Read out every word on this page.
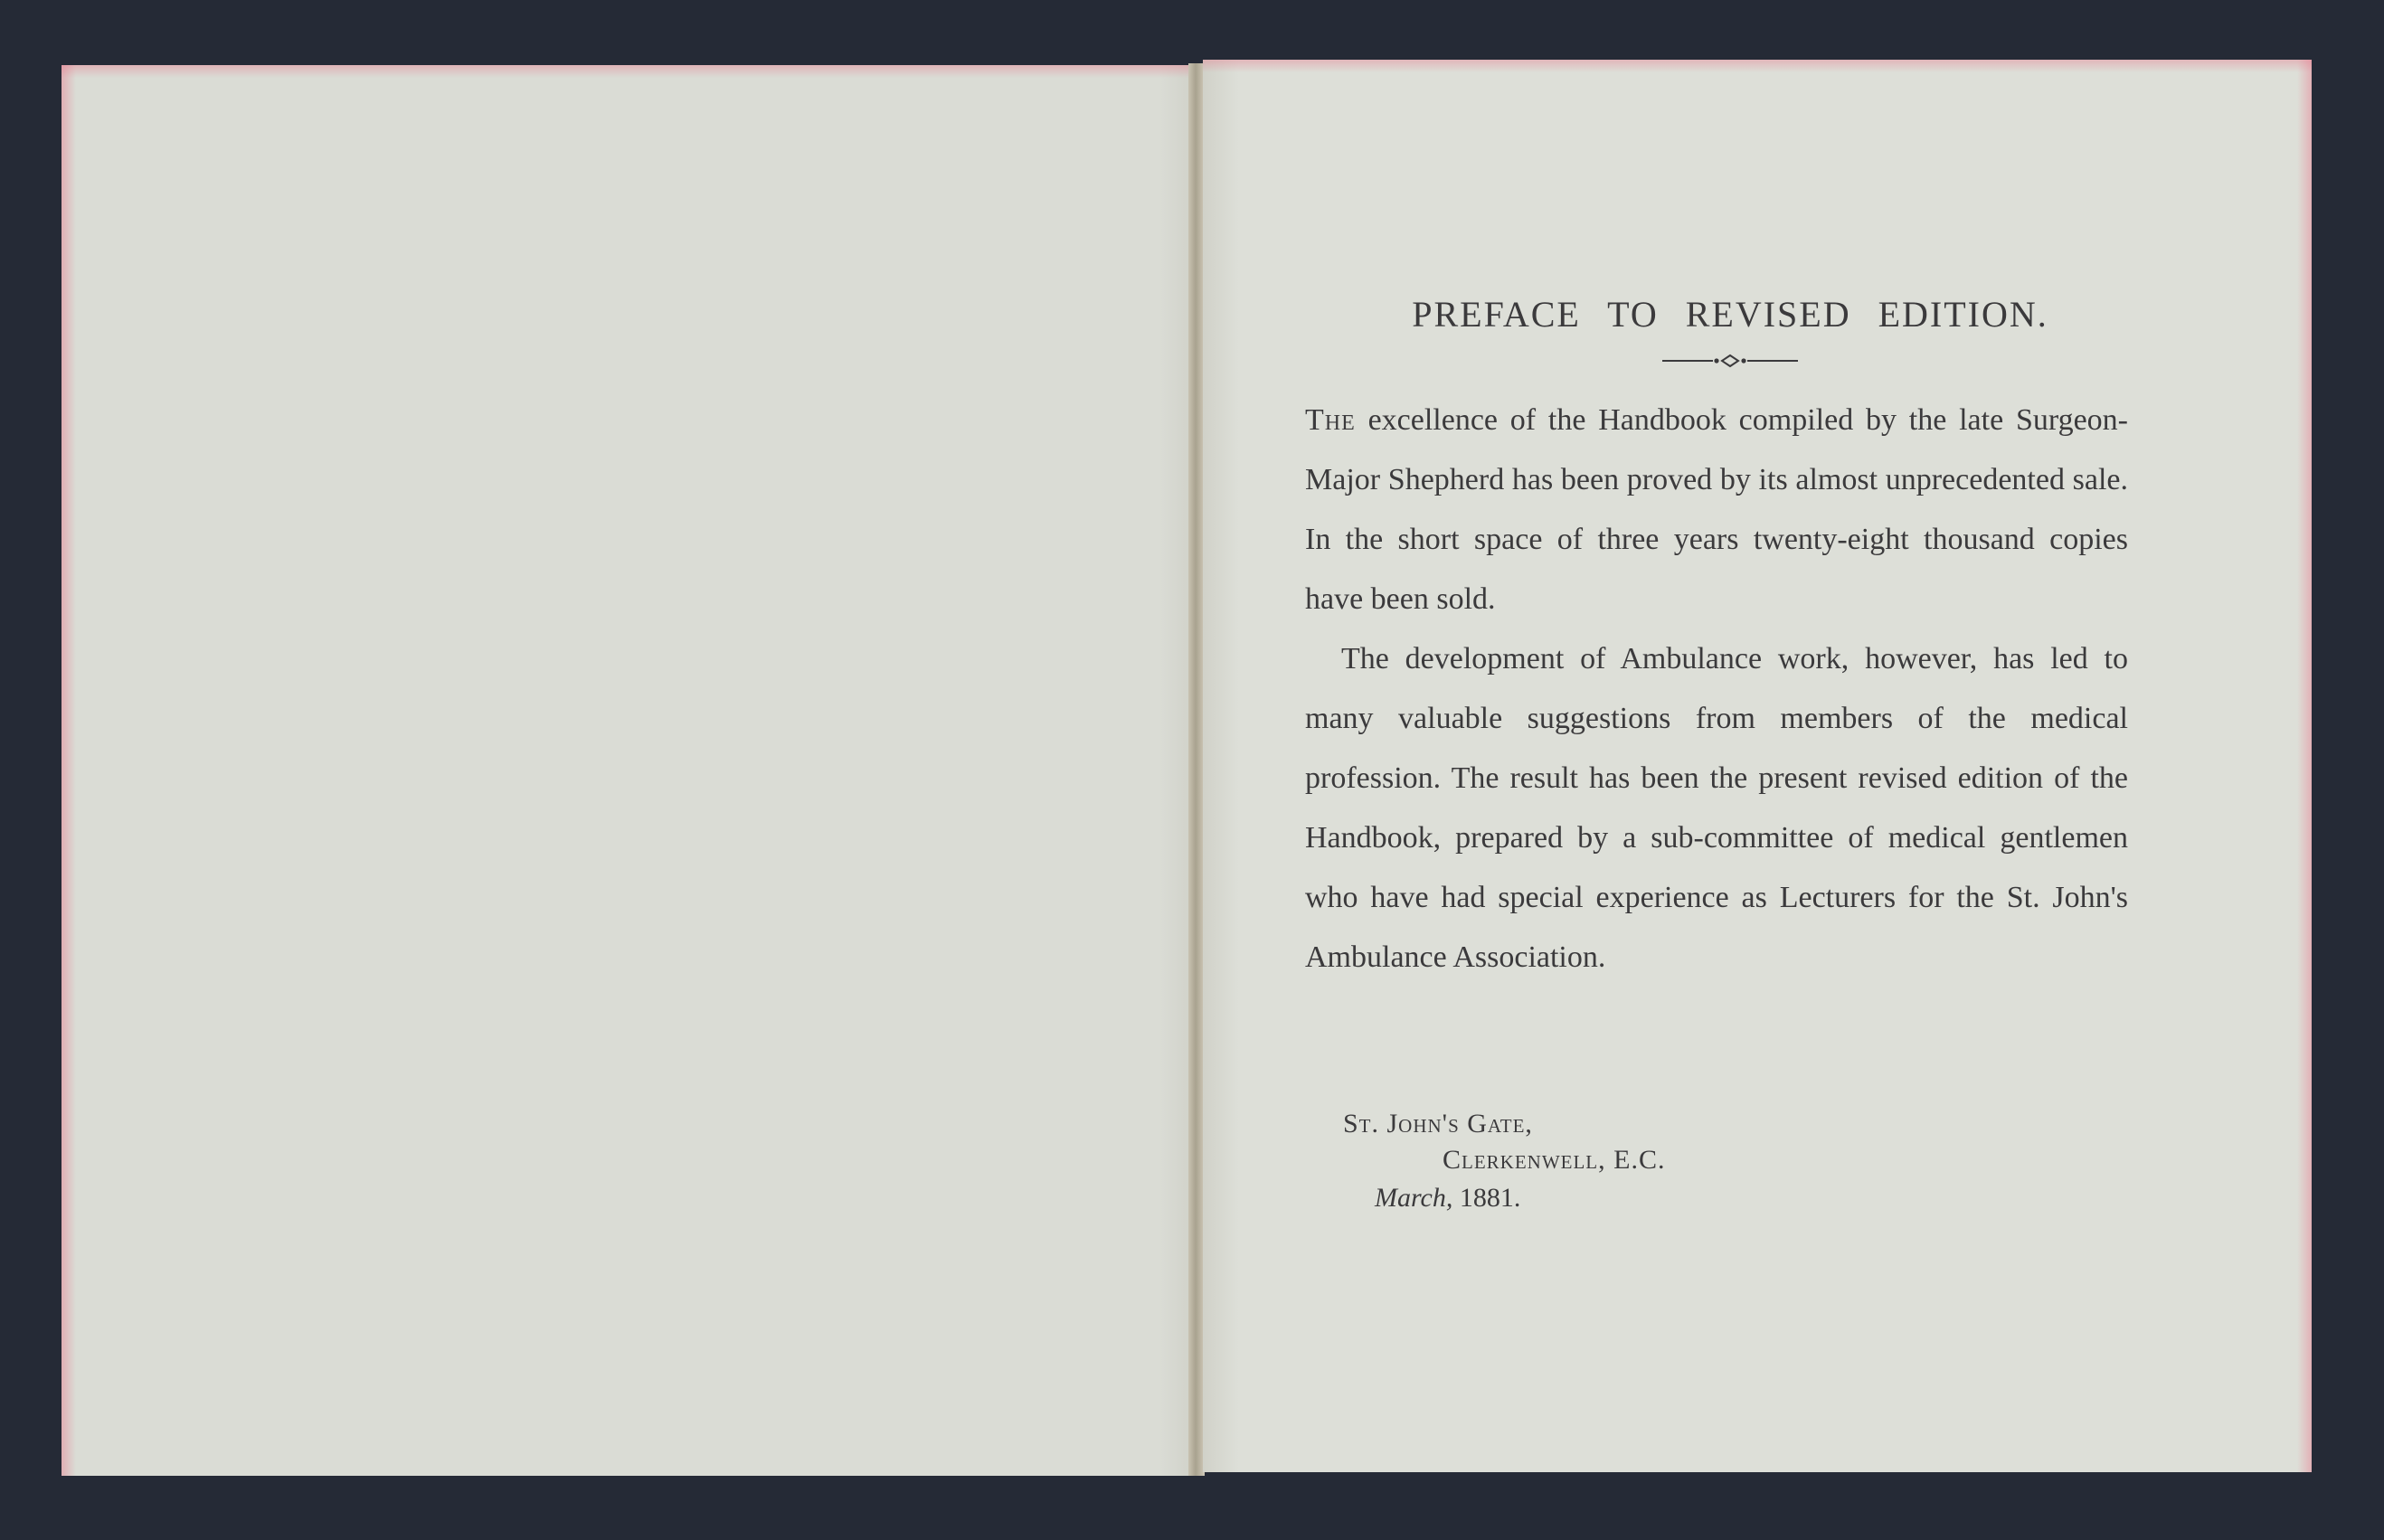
PREFACE TO REVISED EDITION.

The excellence of the Handbook compiled by the late Surgeon-Major Shepherd has been proved by its almost unprecedented sale. In the short space of three years twenty-eight thousand copies have been sold.

The development of Ambulance work, however, has led to many valuable suggestions from members of the medical profession. The result has been the present revised edition of the Handbook, prepared by a sub-committee of medical gentlemen who have had special experience as Lecturers for the St. John's Ambulance Association.

St. John's Gate,
Clerkenwell, E.C.
March, 1881.
